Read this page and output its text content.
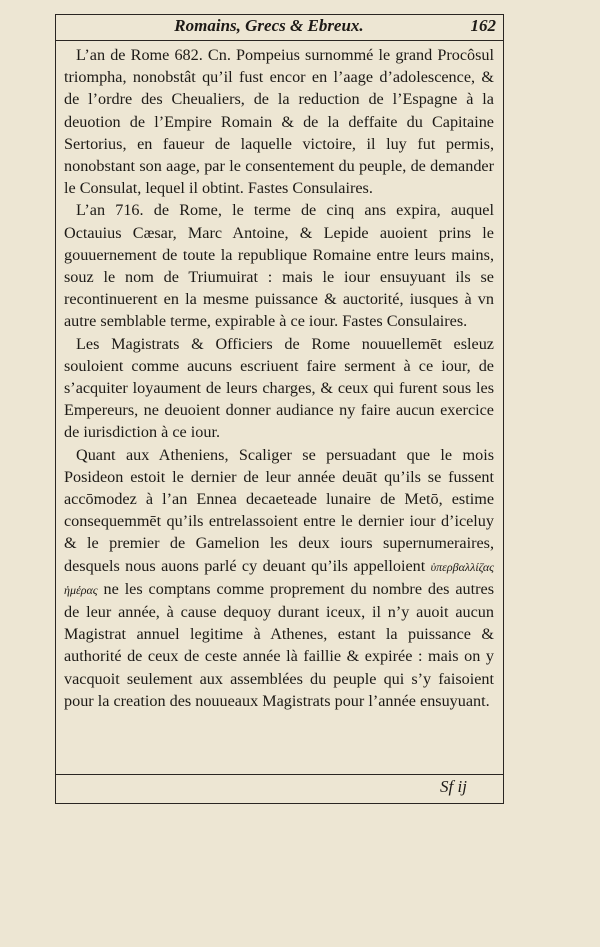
Romains, Grecs & Ebreux.	162

L’an de Rome 682. Cn. Pompeius surnommé le grand Procôsul triompha, nonobstât qu’il fust encor en l’aage d’adolescence, & de l’ordre des Cheualiers, de la reduction de l’Espagne à la deuotion de l’Empire Romain & de la deffaite du Capitaine Sertorius, en faueur de laquelle victoire, il luy fut permis, nonobstant son aage, par le consentement du peuple, de demander le Consulat, lequel il obtint. Fastes Consulaires.

L’an 716. de Rome, le terme de cinq ans expira, auquel Octauius Cæsar, Marc Antoine, & Lepide auoient prins le gouuernement de toute la republique Romaine entre leurs mains, souz le nom de Triumuirat : mais le iour ensuyuant ils se recontinuerent en la mesme puissance & auctorité, iusques à vn autre semblable terme, expirable à ce iour. Fastes Consulaires.

Les Magistrats & Officiers de Rome nouuellemēt esleuz souloient comme aucuns escriuent faire serment à ce iour, de s’acquiter loyaument de leurs charges, & ceux qui furent sous les Empereurs, ne deuoient donner audiance ny faire aucun exercice de iurisdiction à ce iour.

Quant aux Atheniens, Scaliger se persuadant que le mois Posideon estoit le dernier de leur année deuāt qu’ils se fussent accōmodez à l’an Ennea decaeteade lunaire de Metō, estime consequemmēt qu’ils entrelassoient entre le dernier iour d’iceluy & le premier de Gamelion les deux iours supernumeraires, desquels nous auons parlé cy deuant qu’ils appelloient ὑπερβαλλίζας ἡμέρας ne les comptans comme proprement du nombre des autres de leur année, à cause dequoy durant iceux, il n’y auoit aucun Magistrat annuel legitime à Athenes, estant la puissance & authorité de ceux de ceste année là faillie & expirée : mais on y vacquoit seulement aux assemblées du peuple qui s’y faisoient pour la creation des nouueaux Magistrats pour l’année ensuyuant.

Sf ij
